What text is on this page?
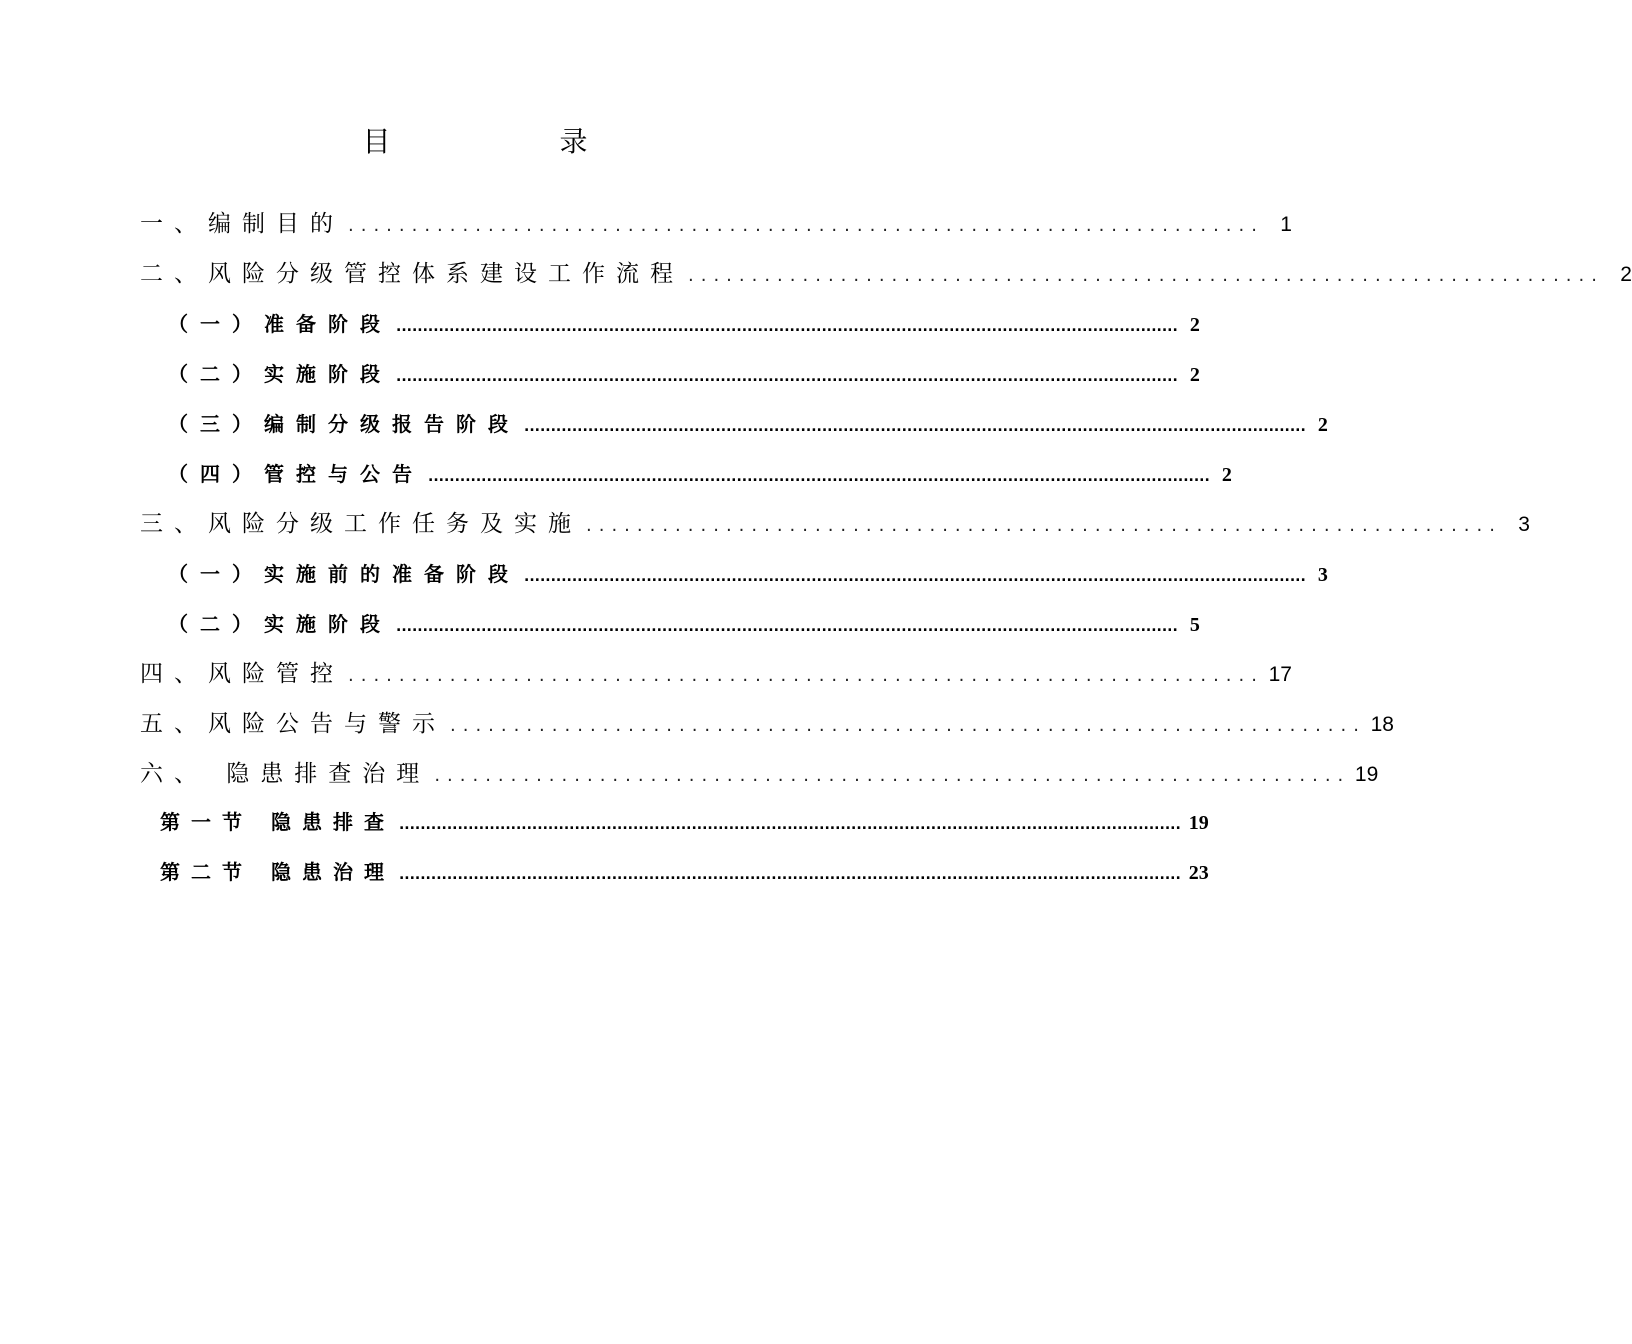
目 录
一、编制目的 ........................................................................ 1
二、风险分级管控体系建设工作流程 ........................................................................ 2
（一）准备阶段 ................................................................................................................................................... 2
（二）实施阶段 ................................................................................................................................................... 2
（三）编制分级报告阶段 ................................................................................................................................................... 2
（四）管控与公告 ................................................................................................................................................... 2
三、风险分级工作任务及实施 ........................................................................ 3
（一）实施前的准备阶段 ................................................................................................................................................... 3
（二）实施阶段 ................................................................................................................................................... 5
四、风险管控 ........................................................................ 17
五、风险公告与警示 ........................................................................ 18
六、 隐患排查治理 ........................................................................ 19
第一节 隐患排查 ................................................................................................................................................... 19
第二节 隐患治理 ................................................................................................................................................... 23
